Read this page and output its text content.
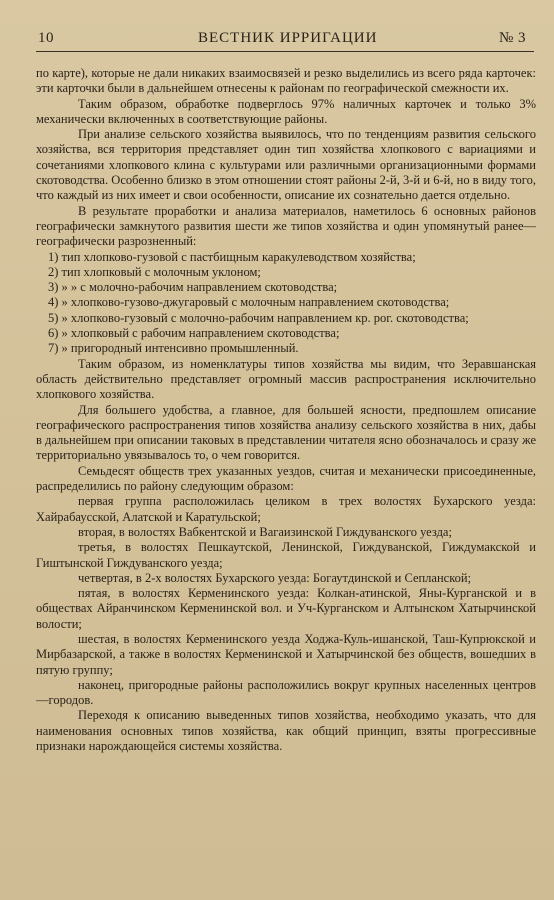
10	ВЕСТНИК ИРРИГАЦИИ	№ 3

по карте), которые не дали никаких взаимосвязей и резко выделились из всего ряда карточек: эти карточки были в дальнейшем отнесены к районам по географической смежности их.

Таким образом, обработке подверглось 97% наличных карточек и только 3% механически включенных в соответствующие районы.

При анализе сельского хозяйства выявилось, что по тенденциям развития сельского хозяйства, вся территория представляет один тип хозяйства хлопкового с вариациями и сочетаниями хлопкового клина с культурами или различными организационными формами скотоводства. Особенно близко в этом отношении стоят районы 2-й, 3-й и 6-й, но в виду того, что каждый из них имеет и свои особенности, описание их сознательно дается отдельно.

В результате проработки и анализа материалов, наметилось 6 основных районов географически замкнутого развития шести же типов хозяйства и один упомянутый ранее—географически разрозненный:

1) тип хлопково-гузовой с пастбищным каракулеводством хозяйства;

2) тип хлопковый с молочным уклоном;

3) » » с молочно-рабочим направлением скотоводства;

4) » хлопково-гузово-джугаровый с молочным направлением скотоводства;

5) » хлопково-гузовый с молочно-рабочим направлением кр. рог. скотоводства;

6) » хлопковый с рабочим направлением скотоводства;

7) » пригородный интенсивно промышленный.

Таким образом, из номенклатуры типов хозяйства мы видим, что Зеравшанская область действительно представляет огромный массив распространения исключительно хлопкового хозяйства.

Для большего удобства, а главное, для большей ясности, предпошлем описание географического распространения типов хозяйства анализу сельского хозяйства в них, дабы в дальнейшем при описании таковых в представлении читателя ясно обозначалось и сразу же территориально увязывалось то, о чем говорится.

Семьдесят обществ трех указанных уездов, считая и механически присоединенные, распределились по району следующим образом:

первая группа расположилась целиком в трех волостях Бухарского уезда: Хайрабаусской, Алатской и Каратульской;

вторая, в волостях Вабкентской и Вагаизинской Гиждуванского уезда;

третья, в волостях Пешкаутской, Ленинской, Гиждуванской, Гиждумакской и Гиштынской Гиждуванского уезда;

четвертая, в 2-х волостях Бухарского уезда: Богаутдинской и Сепланской;

пятая, в волостях Керменинского уезда: Колкан-атинской, Яны-Курганской и в обществах Айранчинском Керменинской вол. и Уч-Курганском и Алтынском Хатырчинской волости;

шестая, в волостях Керменинского уезда Ходжа-Куль-ишанской, Таш-Купрюкской и Мирбазарской, а также в волостях Керменинской и Хатырчинской без обществ, вошедших в пятую группу;

наконец, пригородные районы расположились вокруг крупных населенных центров—городов.

Переходя к описанию выведенных типов хозяйства, необходимо указать, что для наименования основных типов хозяйства, как общий принцип, взяты прогрессивные признаки нарождающейся системы хозяйства.
